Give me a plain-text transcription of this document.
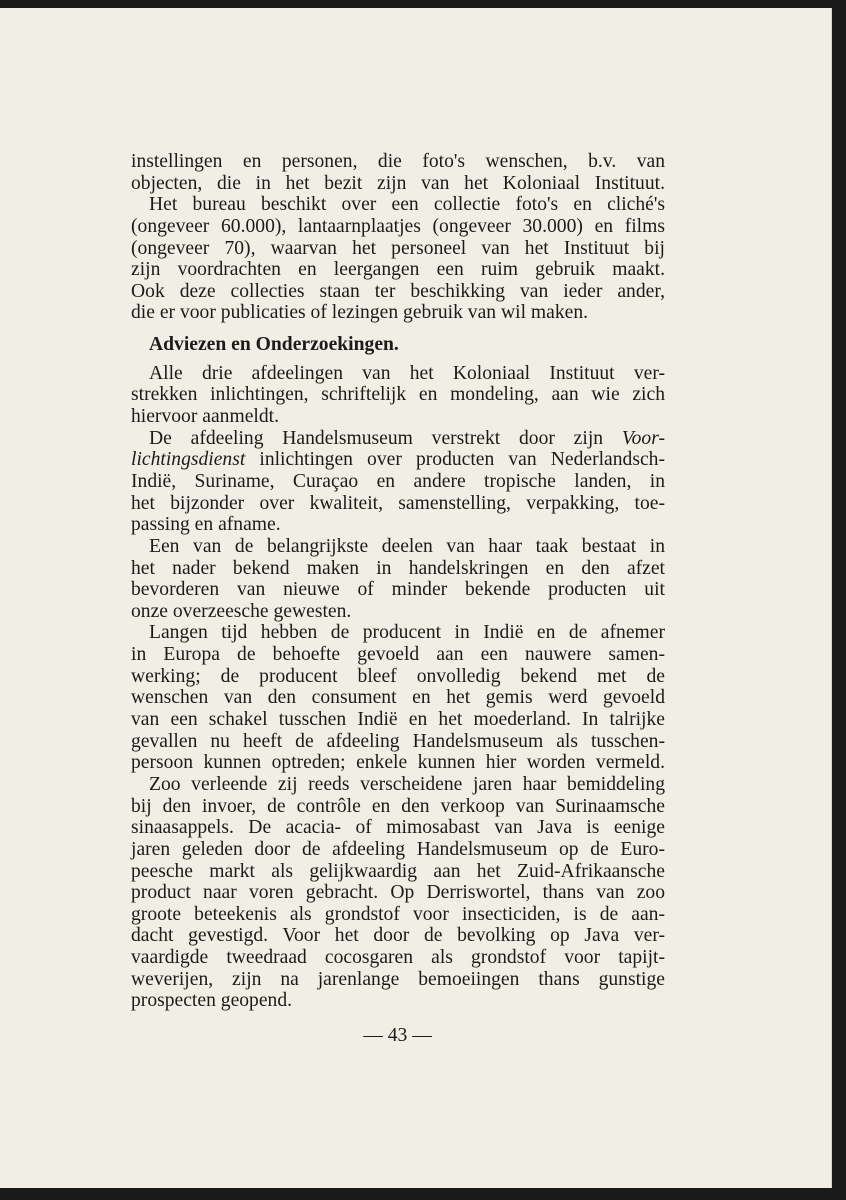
instellingen en personen, die foto's wenschen, b.v. van
objecten, die in het bezit zijn van het Koloniaal Instituut.
Het bureau beschikt over een collectie foto's en cliché's
(ongeveer 60.000), lantaarnplaatjes (ongeveer 30.000) en films
(ongeveer 70), waarvan het personeel van het Instituut bij
zijn voordrachten en leergangen een ruim gebruik maakt.
Ook deze collecties staan ter beschikking van ieder ander,
die er voor publicaties of lezingen gebruik van wil maken.
Adviezen en Onderzoekingen.
Alle drie afdeelingen van het Koloniaal Instituut ver-
strekken inlichtingen, schriftelijk en mondeling, aan wie zich
hiervoor aanmeldt.
De afdeeling Handelsmuseum verstrekt door zijn Voor-
lichtingsdienst inlichtingen over producten van Nederlandsch-
Indië, Suriname, Curaçao en andere tropische landen, in
het bijzonder over kwaliteit, samenstelling, verpakking, toe-
passing en afname.
Een van de belangrijkste deelen van haar taak bestaat in
het nader bekend maken in handelskringen en den afzet
bevorderen van nieuwe of minder bekende producten uit
onze overzeesche gewesten.
Langen tijd hebben de producent in Indië en de afnemer
in Europa de behoefte gevoeld aan een nauwere samen-
werking; de producent bleef onvolledig bekend met de
wenschen van den consument en het gemis werd gevoeld
van een schakel tusschen Indië en het moederland. In talrijke
gevallen nu heeft de afdeeling Handelsmuseum als tusschen-
persoon kunnen optreden; enkele kunnen hier worden vermeld.
Zoo verleende zij reeds verscheidene jaren haar bemiddeling
bij den invoer, de contrôle en den verkoop van Surinaamsche
sinaasappels. De acacia- of mimosabast van Java is eenige
jaren geleden door de afdeeling Handelsmuseum op de Euro-
peesche markt als gelijkwaardig aan het Zuid-Afrikaansche
product naar voren gebracht. Op Derriswortel, thans van zoo
groote beteekenis als grondstof voor insecticiden, is de aan-
dacht gevestigd. Voor het door de bevolking op Java ver-
vaardigde tweedraad cocosgaren als grondstof voor tapijt-
weverijen, zijn na jarenlange bemoeiingen thans gunstige
prospecten geopend.
— 43 —
